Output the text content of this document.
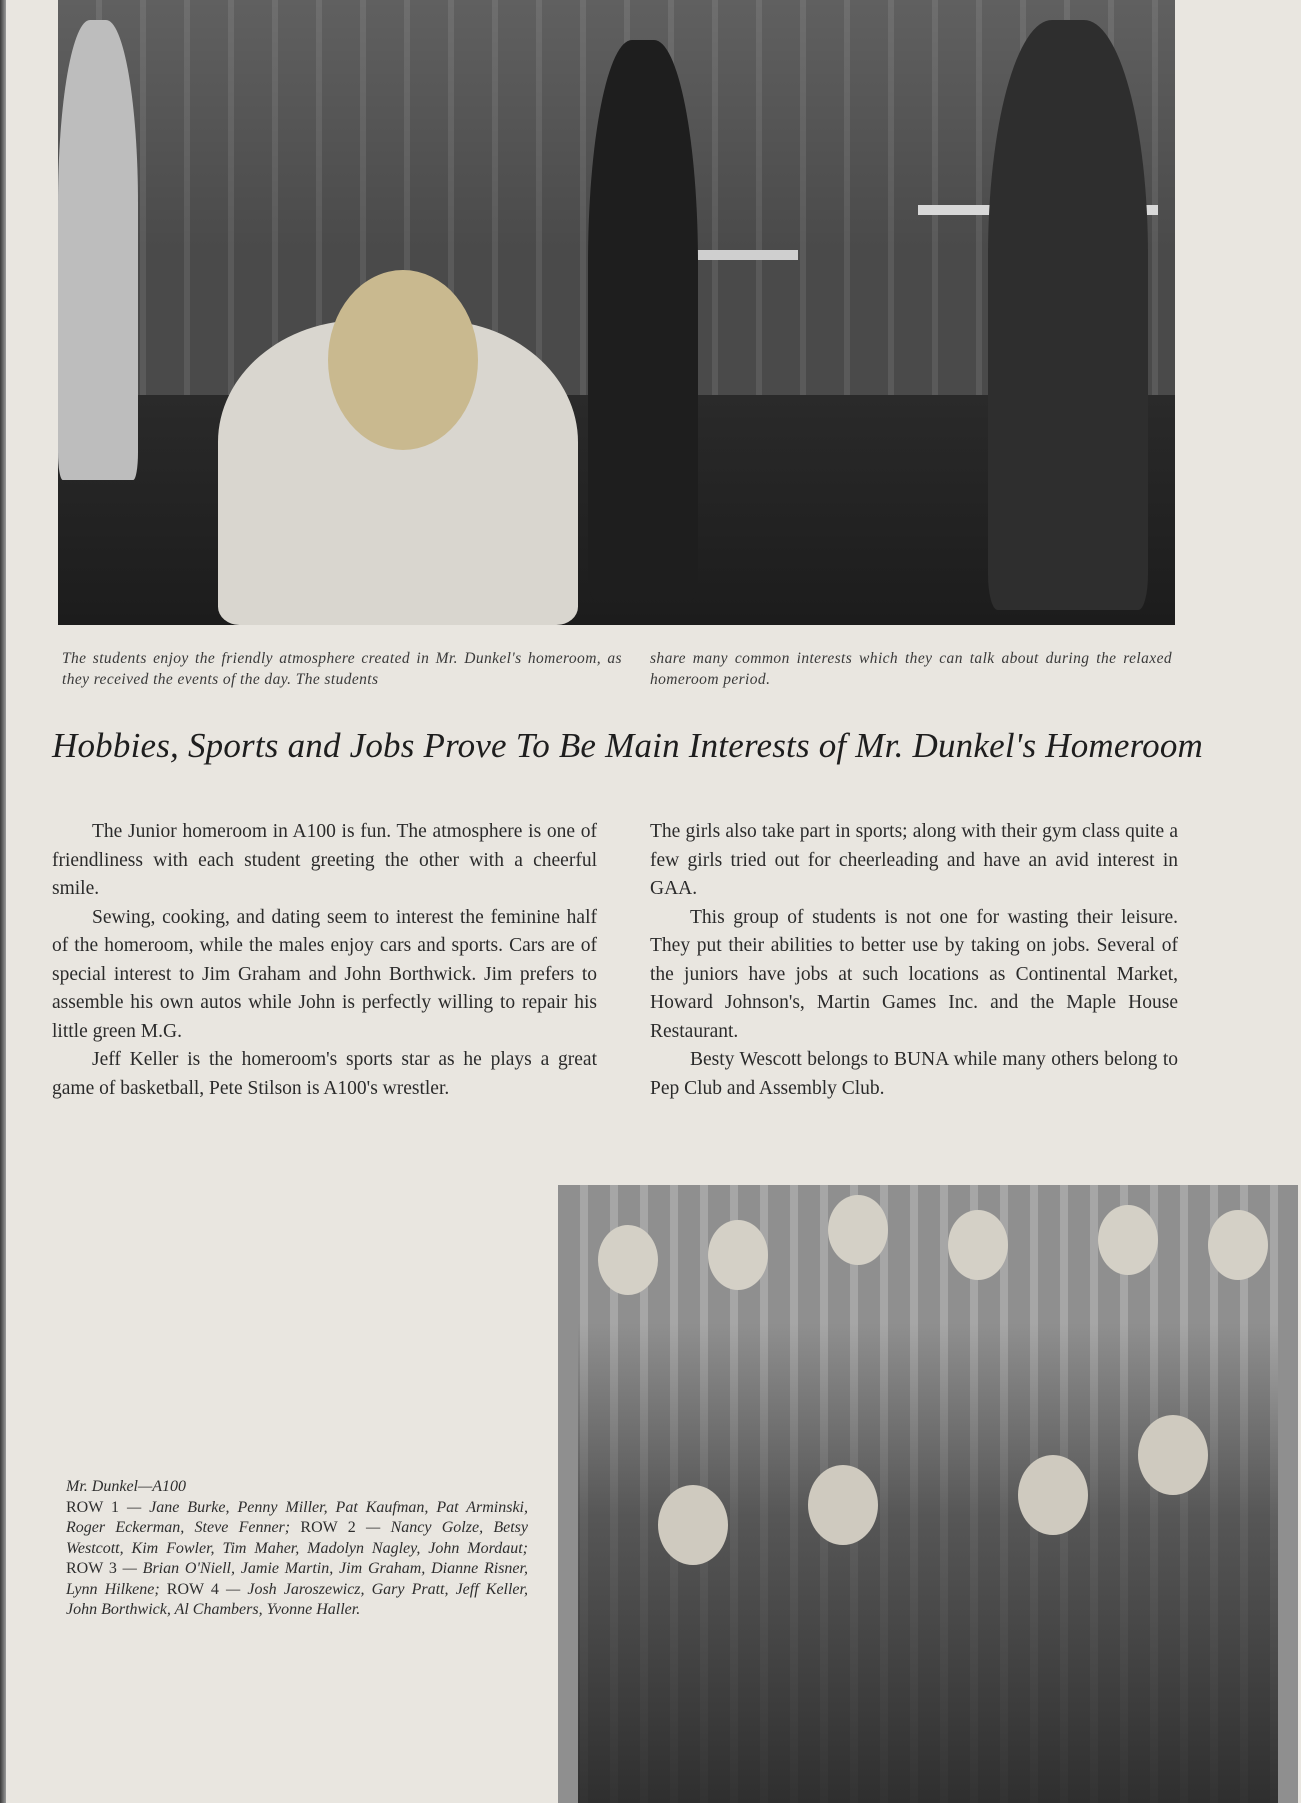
The students enjoy the friendly atmosphere created in Mr. Dunkel's homeroom, as they received the events of the day. The students
share many common interests which they can talk about during the relaxed homeroom period.
Hobbies, Sports and Jobs Prove To Be Main Interests of Mr. Dunkel's Homeroom

The Junior homeroom in A100 is fun. The atmosphere is one of friendliness with each student greeting the other with a cheerful smile.

Sewing, cooking, and dating seem to interest the feminine half of the homeroom, while the males enjoy cars and sports. Cars are of special interest to Jim Graham and John Borthwick. Jim prefers to assemble his own autos while John is perfectly willing to repair his little green M.G.

Jeff Keller is the homeroom's sports star as he plays a great game of basketball, Pete Stilson is A100's wrestler.

The girls also take part in sports; along with their gym class quite a few girls tried out for cheerleading and have an avid interest in GAA.

This group of students is not one for wasting their leisure. They put their abilities to better use by taking on jobs. Several of the juniors have jobs at such locations as Continental Market, Howard Johnson's, Martin Games Inc. and the Maple House Restaurant.

Besty Wescott belongs to BUNA while many others belong to Pep Club and Assembly Club.

Mr. Dunkel—A100
ROW 1 — Jane Burke, Penny Miller, Pat Kaufman, Pat Arminski, Roger Eckerman, Steve Fenner; ROW 2 — Nancy Golze, Betsy Westcott, Kim Fowler, Tim Maher, Madolyn Nagley, John Mordaut; ROW 3 — Brian O'Niell, Jamie Martin, Jim Graham, Dianne Risner, Lynn Hilkene; ROW 4 — Josh Jaroszewicz, Gary Pratt, Jeff Keller, John Borthwick, Al Chambers, Yvonne Haller.
